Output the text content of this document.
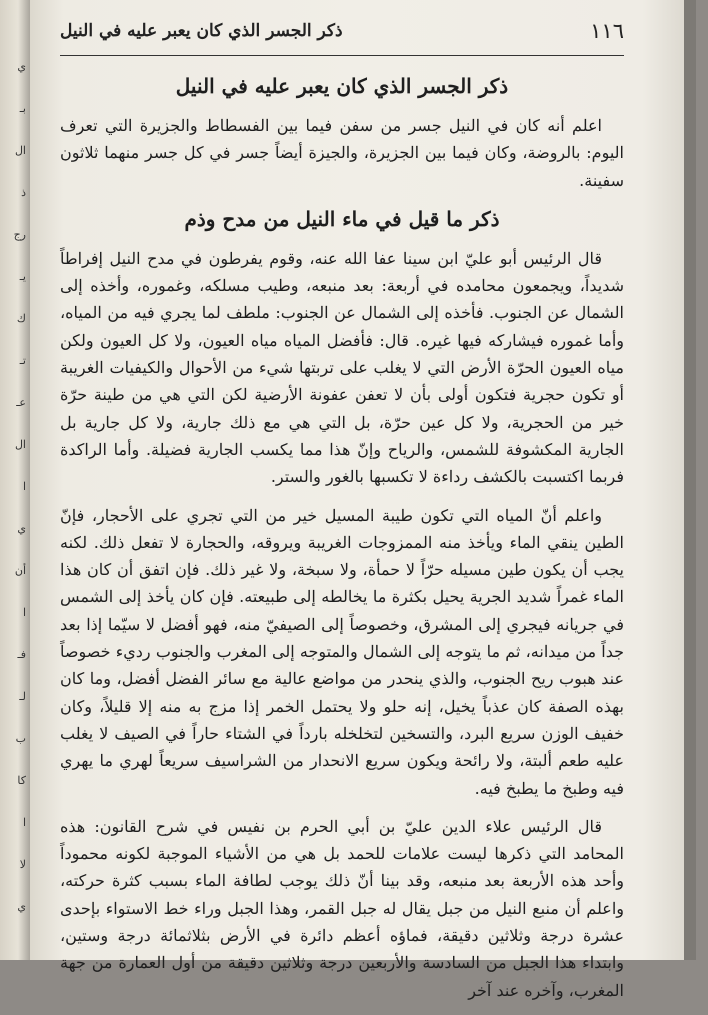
ي
بـ
ال
ذ
رج
يـ
ك
تـ
عـ
ال
ا
ي
أن
ا
فـ
لـ
ب
كا
ا
لا
ي
١١٦
ذكر الجسر الذي كان يعبر عليه في النيل
ذكر الجسر الذي كان يعبر عليه في النيل

اعلم أنه كان في النيل جسر من سفن فيما بين الفسطاط والجزيرة التي تعرف اليوم: بالروضة، وكان فيما بين الجزيرة، والجيزة أيضاً جسر في كل جسر منهما ثلاثون سفينة.

ذكر ما قيل في ماء النيل من مدح وذم

قال الرئيس أبو عليّ ابن سينا عفا الله عنه، وقوم يفرطون في مدح النيل إفراطاً شديداً، ويجمعون محامده في أربعة: بعد منبعه، وطيب مسلكه، وغموره، وأخذه إلى الشمال عن الجنوب. فأخذه إلى الشمال عن الجنوب: ملطف لما يجري فيه من المياه، وأما غموره فيشاركه فيها غيره. قال: فأفضل المياه مياه العيون، ولا كل العيون ولكن مياه العيون الحرّة الأرض التي لا يغلب على تربتها شيء من الأحوال والكيفيات الغريبة أو تكون حجرية فتكون أولى بأن لا تعفن عفونة الأرضية لكن التي هي من طينة حرّة خير من الحجرية، ولا كل عين حرّة، بل التي هي مع ذلك جارية، ولا كل جارية بل الجارية المكشوفة للشمس، والرياح وإنّ هذا مما يكسب الجارية فضيلة. وأما الراكدة فربما اكتسبت بالكشف رداءة لا تكسبها بالغور والستر.

واعلم أنّ المياه التي تكون طيبة المسيل خير من التي تجري على الأحجار، فإنّ الطين ينقي الماء ويأخذ منه الممزوجات الغريبة ويروقه، والحجارة لا تفعل ذلك. لكنه يجب أن يكون طين مسيله حرّاً لا حمأة، ولا سبخة، ولا غير ذلك. فإن اتفق أن كان هذا الماء غمراً شديد الجرية يحيل بكثرة ما يخالطه إلى طبيعته. فإن كان يأخذ إلى الشمس في جريانه فيجري إلى المشرق، وخصوصاً إلى الصيفيّ منه، فهو أفضل لا سيّما إذا بعد جداً من ميدانه، ثم ما يتوجه إلى الشمال والمتوجه إلى المغرب والجنوب رديء خصوصاً عند هبوب ريح الجنوب، والذي ينحدر من مواضع عالية مع سائر الفضل أفضل، وما كان بهذه الصفة كان عذباً يخيل، إنه حلو ولا يحتمل الخمر إذا مزج به منه إلا قليلاً، وكان خفيف الوزن سريع البرد، والتسخين لتخلخله بارداً في الشتاء حاراً في الصيف لا يغلب عليه طعم ألبتة، ولا رائحة ويكون سريع الانحدار من الشراسيف سريعاً لهري ما يهري فيه وطبخ ما يطبخ فيه.

قال الرئيس علاء الدين عليّ بن أبي الحرم بن نفيس في شرح القانون: هذه المحامد التي ذكرها ليست علامات للحمد بل هي من الأشياء الموجبة لكونه محموداً وأحد هذه الأربعة بعد منبعه، وقد بينا أنّ ذلك يوجب لطافة الماء بسبب كثرة حركته، واعلم أن منبع النيل من جبل يقال له جبل القمر، وهذا الجبل وراء خط الاستواء بإحدى عشرة درجة وثلاثين دقيقة، فماؤه أعظم دائرة في الأرض بثلاثمائة درجة وستين، وابتداء هذا الجبل من السادسة والأربعين درجة وثلاثين دقيقة من أول العمارة من جهة المغرب، وآخره عند آخر
